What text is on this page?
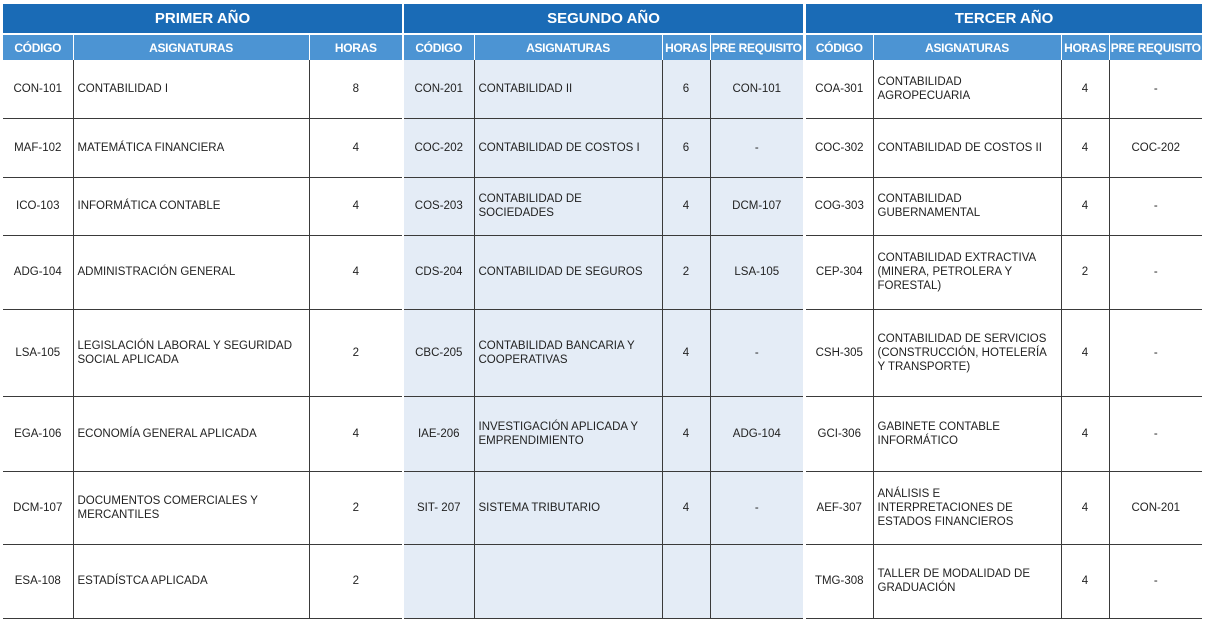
PRIMER AÑO		
CÓDIGO	ASIGNATURAS	HORAS
CON-101	CONTABILIDAD I	8
MAF-102	MATEMÁTICA FINANCIERA	4
ICO-103	INFORMÁTICA CONTABLE	4
ADG-104	ADMINISTRACIÓN GENERAL	4
LSA-105	LEGISLACIÓN LABORAL Y SEGURIDAD SOCIAL APLICADA	2
EGA-106	ECONOMÍA GENERAL APLICADA	4
DCM-107	DOCUMENTOS COMERCIALES Y MERCANTILES	2
ESA-108	ESTADÍSTCA APLICADA	2
SEGUNDO AÑO			
CÓDIGO	ASIGNATURAS	HORAS	PRE REQUISITO
CON-201	CONTABILIDAD II	6	CON-101
COC-202	CONTABILIDAD DE COSTOS I	6	-
COS-203	CONTABILIDAD DE SOCIEDADES	4	DCM-107
CDS-204	CONTABILIDAD DE SEGUROS	2	LSA-105
CBC-205	CONTABILIDAD BANCARIA Y COOPERATIVAS	4	-
IAE-206	INVESTIGACIÓN APLICADA Y EMPRENDIMIENTO	4	ADG-104
SIT- 207	SISTEMA TRIBUTARIO	4	-

TERCER AÑO			
CÓDIGO	ASIGNATURAS	HORAS	PRE REQUISITO
COA-301	CONTABILIDAD AGROPECUARIA	4	-
COC-302	CONTABILIDAD DE COSTOS II	4	COC-202
COG-303	CONTABILIDAD GUBERNAMENTAL	4	-
CEP-304	CONTABILIDAD EXTRACTIVA (MINERA, PETROLERA Y FORESTAL)	2	-
CSH-305	CONTABILIDAD DE SERVICIOS (CONSTRUCCIÓN, HOTELERÍA Y TRANSPORTE)	4	-
GCI-306	GABINETE CONTABLE INFORMÁTICO	4	-
AEF-307	ANÁLISIS E INTERPRETACIONES DE ESTADOS FINANCIEROS	4	CON-201
TMG-308	TALLER DE MODALIDAD DE GRADUACIÓN	4	-
